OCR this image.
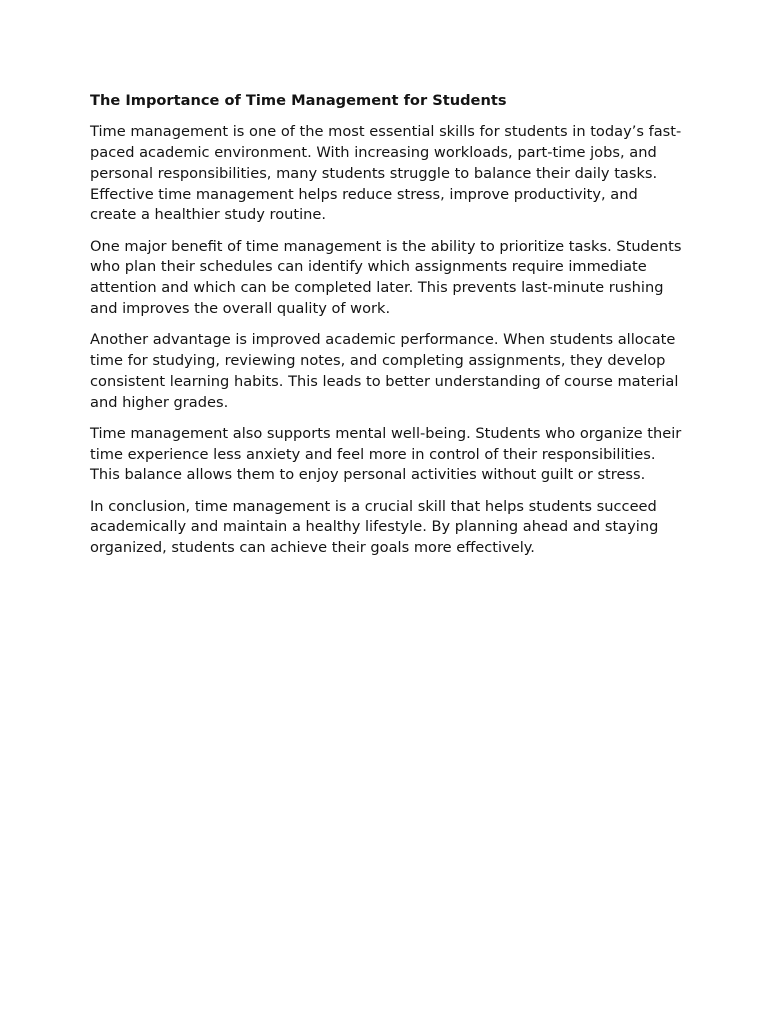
The Importance of Time Management for Students

Time management is one of the most essential skills for students in today’s fast-paced academic environment. With increasing workloads, part-time jobs, and personal responsibilities, many students struggle to balance their daily tasks. Effective time management helps reduce stress, improve productivity, and create a healthier study routine.

One major benefit of time management is the ability to prioritize tasks. Students who plan their schedules can identify which assignments require immediate attention and which can be completed later. This prevents last-minute rushing and improves the overall quality of work.

Another advantage is improved academic performance. When students allocate time for studying, reviewing notes, and completing assignments, they develop consistent learning habits. This leads to better understanding of course material and higher grades.

Time management also supports mental well-being. Students who organize their time experience less anxiety and feel more in control of their responsibilities. This balance allows them to enjoy personal activities without guilt or stress.

In conclusion, time management is a crucial skill that helps students succeed academically and maintain a healthy lifestyle. By planning ahead and staying organized, students can achieve their goals more effectively.
